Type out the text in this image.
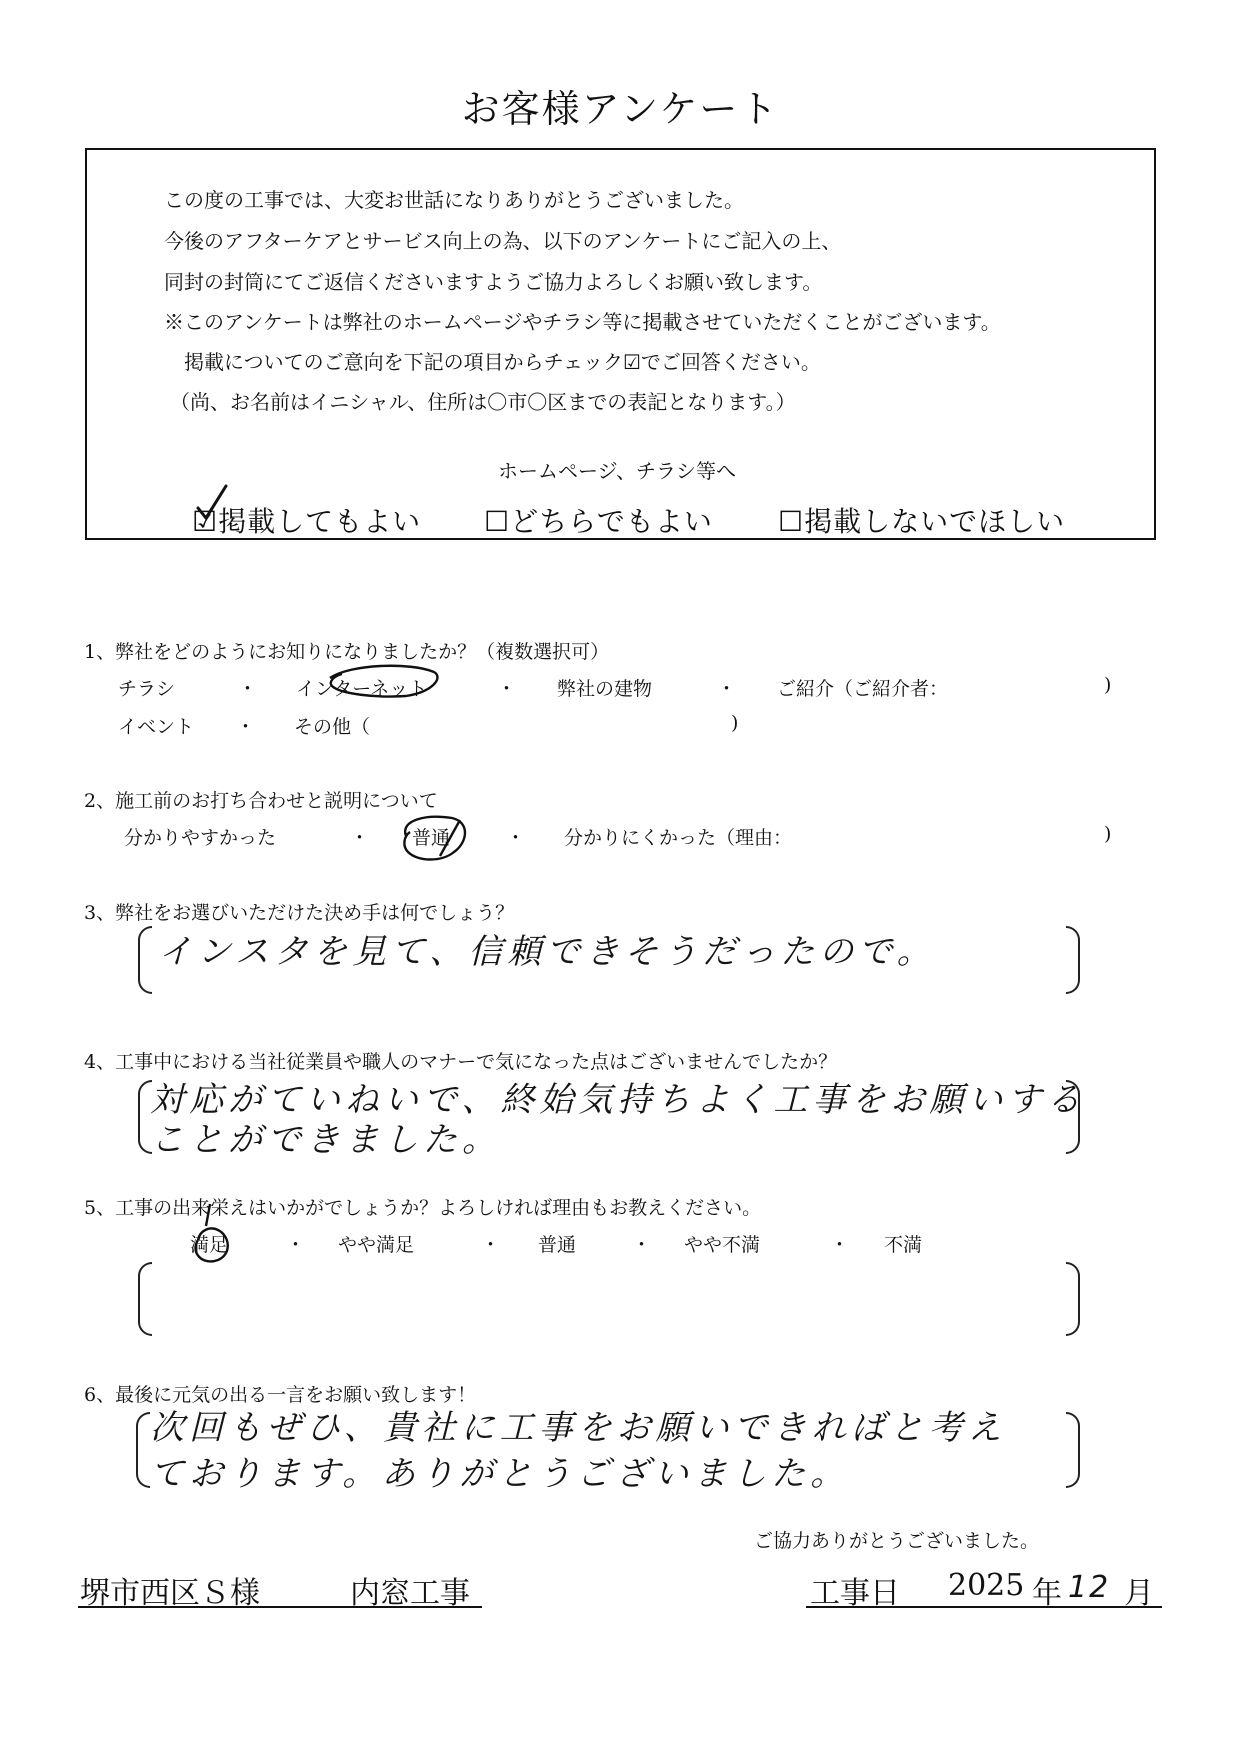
お客様アンケート
この度の工事では、大変お世話になりありがとうございました。
今後のアフターケアとサービス向上の為、以下のアンケートにご記入の上、
同封の封筒にてご返信くださいますようご協力よろしくお願い致します。
※このアンケートは弊社のホームページやチラシ等に掲載させていただくことがございます。
掲載についてのご意向を下記の項目からチェック☑でご回答ください。
（尚、お名前はイニシャル、住所は〇市〇区までの表記となります。）
ホームページ、チラシ等へ
☑掲載してもよい ☐どちらでもよい ☐掲載しないでほしい
1、弊社をどのようにお知りになりましたか？（複数選択可）
チラシ	・ インターネット	・ 弊社の建物	・ ご紹介（ご紹介者：	)
イベント ・ その他（	)
2、施工前のお打ち合わせと説明について
分かりやすかった	・ 普通	・ 分かりにくかった（理由：	)
3、弊社をお選びいただけた決め手は何でしょう？
インスタを見て、信頼できそうだったので。
4、工事中における当社従業員や職人のマナーで気になった点はございませんでしたか？
対応がていねいで、終始気持ちよく工事をお願いする
ことができました。
5、工事の出来栄えはいかがでしょうか？よろしければ理由もお教えください。
満足	・ やや満足	・ 普通	・ やや不満	・ 不満
6、最後に元気の出る一言をお願い致します！
次回もぜひ、貴社に工事をお願いできればと考え
ております。ありがとうございました。
ご協力ありがとうございました。
堺市西区Ｓ様	内窓工事	工事日 2025 年 12 月
